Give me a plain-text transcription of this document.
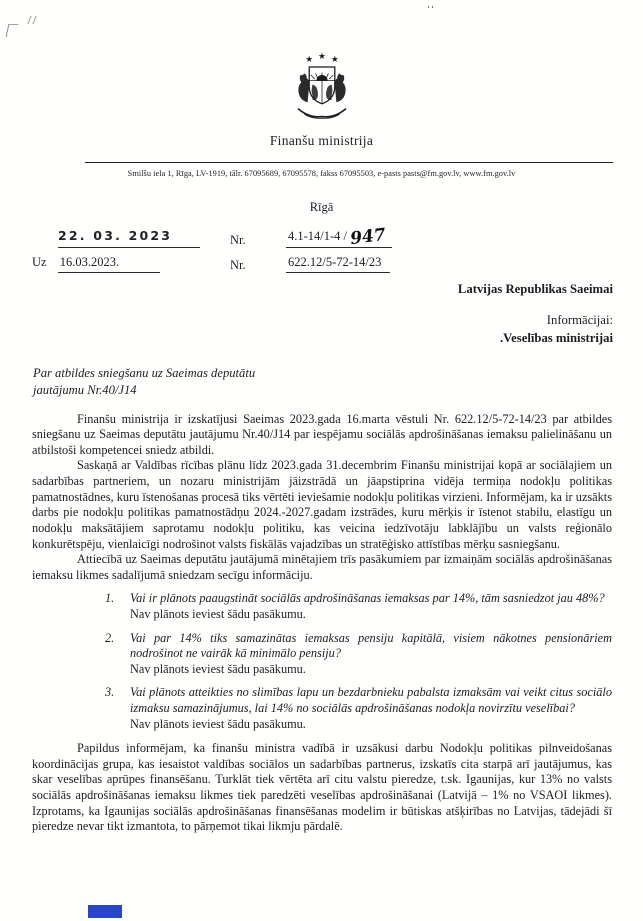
★ ★ ★
Finanšu ministrija
Smilšu iela 1, Rīga, LV-1919, tālr. 67095689, 67095578, fakss 67095503, e-pasts pasts@fm.gov.lv, www.fm.gov.lv
Rīgā
22. 03. 2023	Nr.	4.1-14/1-4 / 947
Uz 16.03.2023.	Nr.	622.12/5-72-14/23
Latvijas Republikas Saeimai
Informācijai:
.Veselības ministrijai
Par atbildes sniegšanu uz Saeimas deputātu
jautājumu Nr.40/J14

Finanšu ministrija ir izskatījusi Saeimas 2023.gada 16.marta vēstuli Nr. 622.12/5-72-14/23 par atbildes sniegšanu uz Saeimas deputātu jautājumu Nr.40/J14 par iespējamu sociālās apdrošināšanas iemaksu palielināšanu un atbilstoši kompetencei sniedz atbildi.

Saskaņā ar Valdības rīcības plānu līdz 2023.gada 31.decembrim Finanšu ministrijai kopā ar sociālajiem un sadarbības partneriem, un nozaru ministrijām jāizstrādā un jāapstiprina vidēja termiņa nodokļu politikas pamatnostādnes, kuru īstenošanas procesā tiks vērtēti ieviešamie nodokļu politikas virzieni. Informējam, ka ir uzsākts darbs pie nodokļu politikas pamatnostādņu 2024.-2027.gadam izstrādes, kuru mērķis ir īstenot stabilu, elastīgu un nodokļu maksātājiem saprotamu nodokļu politiku, kas veicina iedzīvotāju labklājību un valsts reģionālo konkurētspēju, vienlaicīgi nodrošinot valsts fiskālās vajadzības un stratēģisko attīstības mērķu sasniegšanu.

Attiecībā uz Saeimas deputātu jautājumā minētajiem trīs pasākumiem par izmaiņām sociālās apdrošināšanas iemaksu likmes sadalījumā sniedzam secīgu informāciju.

1. Vai ir plānots paaugstināt sociālās apdrošināšanas iemaksas par 14%, tām sasniedzot jau 48%?
Nav plānots ieviest šādu pasākumu.
2. Vai par 14% tiks samazinātas iemaksas pensiju kapitālā, visiem nākotnes pensionāriem nodrošinot ne vairāk kā minimālo pensiju?
Nav plānots ieviest šādu pasākumu.
3. Vai plānots atteikties no slimības lapu un bezdarbnieku pabalsta izmaksām vai veikt citus sociālo izmaksu samazinājumus, lai 14% no sociālās apdrošināšanas nodokļa novirzītu veselībai?
Nav plānots ieviest šādu pasākumu.

Papildus informējam, ka finanšu ministra vadībā ir uzsākusi darbu Nodokļu politikas pilnveidošanas koordinācijas grupa, kas iesaistot valdības sociālos un sadarbības partnerus, izskatīs cita starpā arī jautājumus, kas skar veselības aprūpes finansēšanu. Turklāt tiek vērtēta arī citu valstu pieredze, t.sk. Igaunijas, kur 13% no valsts sociālās apdrošināšanas iemaksu likmes tiek paredzēti veselības apdrošināšanai (Latvijā – 1% no VSAOI likmes). Izprotams, ka Igaunijas sociālās apdrošināšanas finansēšanas modelim ir būtiskas atšķirības no Latvijas, tādejādi šī pieredze nevar tikt izmantota, to pārņemot tikai likmju pārdalē.
